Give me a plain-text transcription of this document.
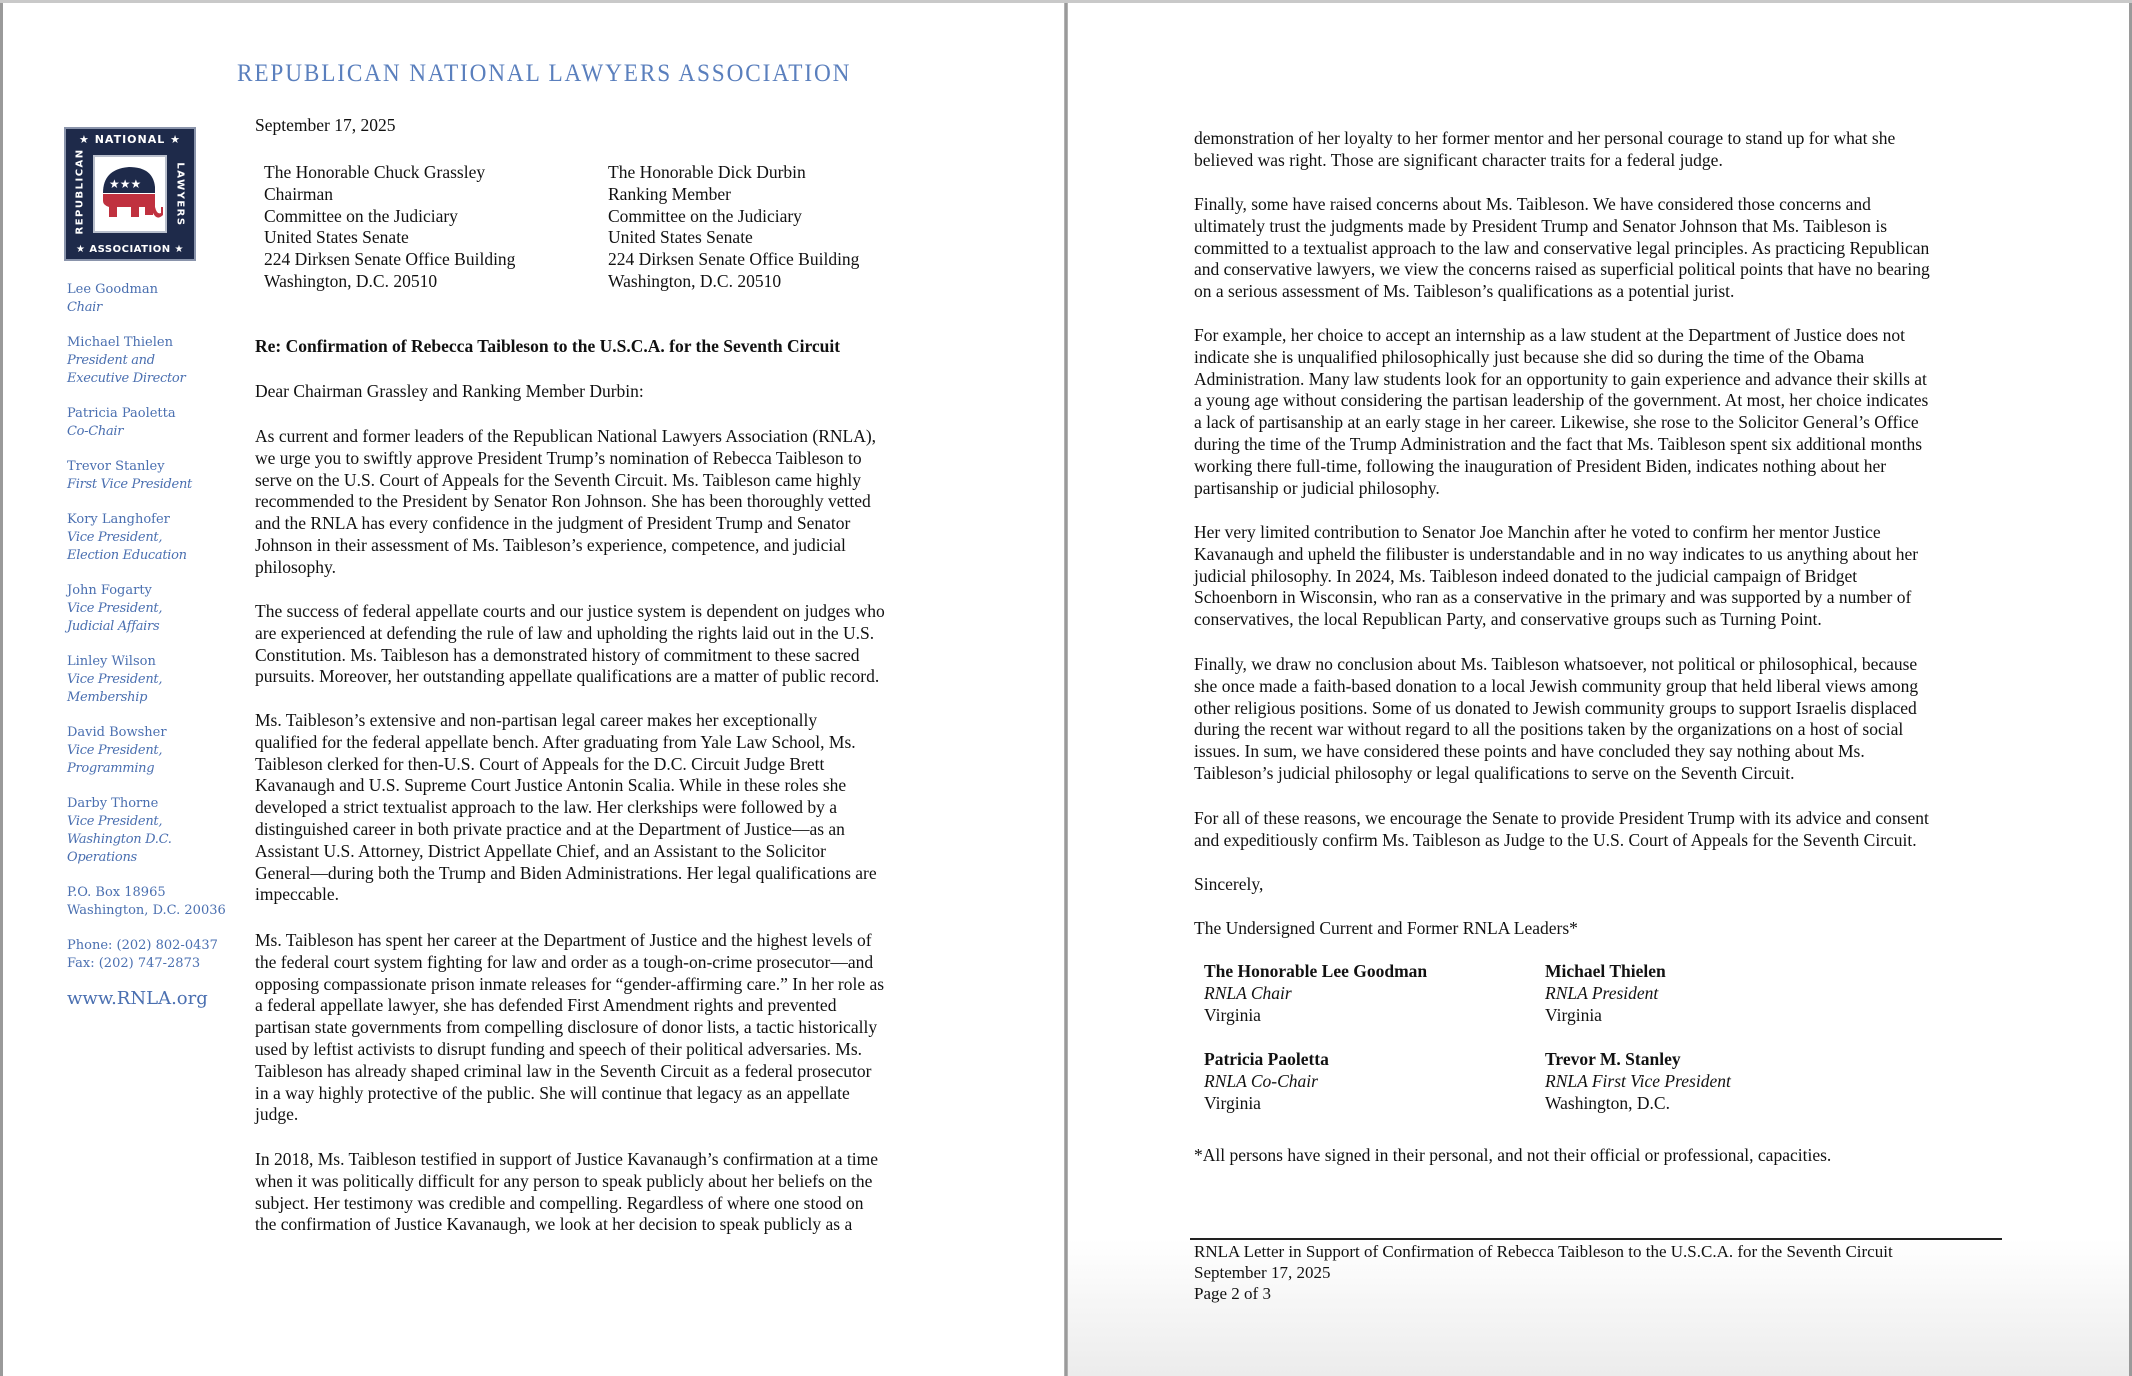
REPUBLICAN NATIONAL LAWYERS ASSOCIATION
★ NATIONAL ★
REPUBLICAN	LAWYERS
★★★
★ ASSOCIATION ★
Lee Goodman
Chair
Michael Thielen
President and
Executive Director
Patricia Paoletta
Co-Chair
Trevor Stanley
First Vice President
Kory Langhofer
Vice President,
Election Education
John Fogarty
Vice President,
Judicial Affairs
Linley Wilson
Vice President,
Membership
David Bowsher
Vice President,
Programming
Darby Thorne
Vice President,
Washington D.C.
Operations
P.O. Box 18965
Washington, D.C. 20036
Phone: (202) 802-0437
Fax: (202) 747-2873
www.RNLA.org
September 17, 2025
The Honorable Chuck Grassley
Chairman
Committee on the Judiciary
United States Senate
224 Dirksen Senate Office Building
Washington, D.C. 20510
The Honorable Dick Durbin
Ranking Member
Committee on the Judiciary
United States Senate
224 Dirksen Senate Office Building
Washington, D.C. 20510
Re: Confirmation of Rebecca Taibleson to the U.S.C.A. for the Seventh Circuit
Dear Chairman Grassley and Ranking Member Durbin:
As current and former leaders of the Republican National Lawyers Association (RNLA),
we urge you to swiftly approve President Trump’s nomination of Rebecca Taibleson to
serve on the U.S. Court of Appeals for the Seventh Circuit. Ms. Taibleson came highly
recommended to the President by Senator Ron Johnson. She has been thoroughly vetted
and the RNLA has every confidence in the judgment of President Trump and Senator
Johnson in their assessment of Ms. Taibleson’s experience, competence, and judicial
philosophy.
The success of federal appellate courts and our justice system is dependent on judges who
are experienced at defending the rule of law and upholding the rights laid out in the U.S.
Constitution. Ms. Taibleson has a demonstrated history of commitment to these sacred
pursuits. Moreover, her outstanding appellate qualifications are a matter of public record.
Ms. Taibleson’s extensive and non-partisan legal career makes her exceptionally
qualified for the federal appellate bench. After graduating from Yale Law School, Ms.
Taibleson clerked for then-U.S. Court of Appeals for the D.C. Circuit Judge Brett
Kavanaugh and U.S. Supreme Court Justice Antonin Scalia. While in these roles she
developed a strict textualist approach to the law. Her clerkships were followed by a
distinguished career in both private practice and at the Department of Justice—as an
Assistant U.S. Attorney, District Appellate Chief, and an Assistant to the Solicitor
General—during both the Trump and Biden Administrations. Her legal qualifications are
impeccable.
Ms. Taibleson has spent her career at the Department of Justice and the highest levels of
the federal court system fighting for law and order as a tough-on-crime prosecutor—and
opposing compassionate prison inmate releases for “gender-affirming care.” In her role as
a federal appellate lawyer, she has defended First Amendment rights and prevented
partisan state governments from compelling disclosure of donor lists, a tactic historically
used by leftist activists to disrupt funding and speech of their political adversaries. Ms.
Taibleson has already shaped criminal law in the Seventh Circuit as a federal prosecutor
in a way highly protective of the public. She will continue that legacy as an appellate
judge.
In 2018, Ms. Taibleson testified in support of Justice Kavanaugh’s confirmation at a time
when it was politically difficult for any person to speak publicly about her beliefs on the
subject. Her testimony was credible and compelling. Regardless of where one stood on
the confirmation of Justice Kavanaugh, we look at her decision to speak publicly as a
demonstration of her loyalty to her former mentor and her personal courage to stand up for what she
believed was right. Those are significant character traits for a federal judge.
Finally, some have raised concerns about Ms. Taibleson. We have considered those concerns and
ultimately trust the judgments made by President Trump and Senator Johnson that Ms. Taibleson is
committed to a textualist approach to the law and conservative legal principles. As practicing Republican
and conservative lawyers, we view the concerns raised as superficial political points that have no bearing
on a serious assessment of Ms. Taibleson’s qualifications as a potential jurist.
For example, her choice to accept an internship as a law student at the Department of Justice does not
indicate she is unqualified philosophically just because she did so during the time of the Obama
Administration. Many law students look for an opportunity to gain experience and advance their skills at
a young age without considering the partisan leadership of the government. At most, her choice indicates
a lack of partisanship at an early stage in her career. Likewise, she rose to the Solicitor General’s Office
during the time of the Trump Administration and the fact that Ms. Taibleson spent six additional months
working there full-time, following the inauguration of President Biden, indicates nothing about her
partisanship or judicial philosophy.
Her very limited contribution to Senator Joe Manchin after he voted to confirm her mentor Justice
Kavanaugh and upheld the filibuster is understandable and in no way indicates to us anything about her
judicial philosophy. In 2024, Ms. Taibleson indeed donated to the judicial campaign of Bridget
Schoenborn in Wisconsin, who ran as a conservative in the primary and was supported by a number of
conservatives, the local Republican Party, and conservative groups such as Turning Point.
Finally, we draw no conclusion about Ms. Taibleson whatsoever, not political or philosophical, because
she once made a faith-based donation to a local Jewish community group that held liberal views among
other religious positions. Some of us donated to Jewish community groups to support Israelis displaced
during the recent war without regard to all the positions taken by the organizations on a host of social
issues. In sum, we have considered these points and have concluded they say nothing about Ms.
Taibleson’s judicial philosophy or legal qualifications to serve on the Seventh Circuit.
For all of these reasons, we encourage the Senate to provide President Trump with its advice and consent
and expeditiously confirm Ms. Taibleson as Judge to the U.S. Court of Appeals for the Seventh Circuit.
Sincerely,
The Undersigned Current and Former RNLA Leaders*
The Honorable Lee Goodman
RNLA Chair
Virginia
Michael Thielen
RNLA President
Virginia
Patricia Paoletta
RNLA Co-Chair
Virginia
Trevor M. Stanley
RNLA First Vice President
Washington, D.C.
*All persons have signed in their personal, and not their official or professional, capacities.
RNLA Letter in Support of Confirmation of Rebecca Taibleson to the U.S.C.A. for the Seventh Circuit
September 17, 2025
Page 2 of 3
